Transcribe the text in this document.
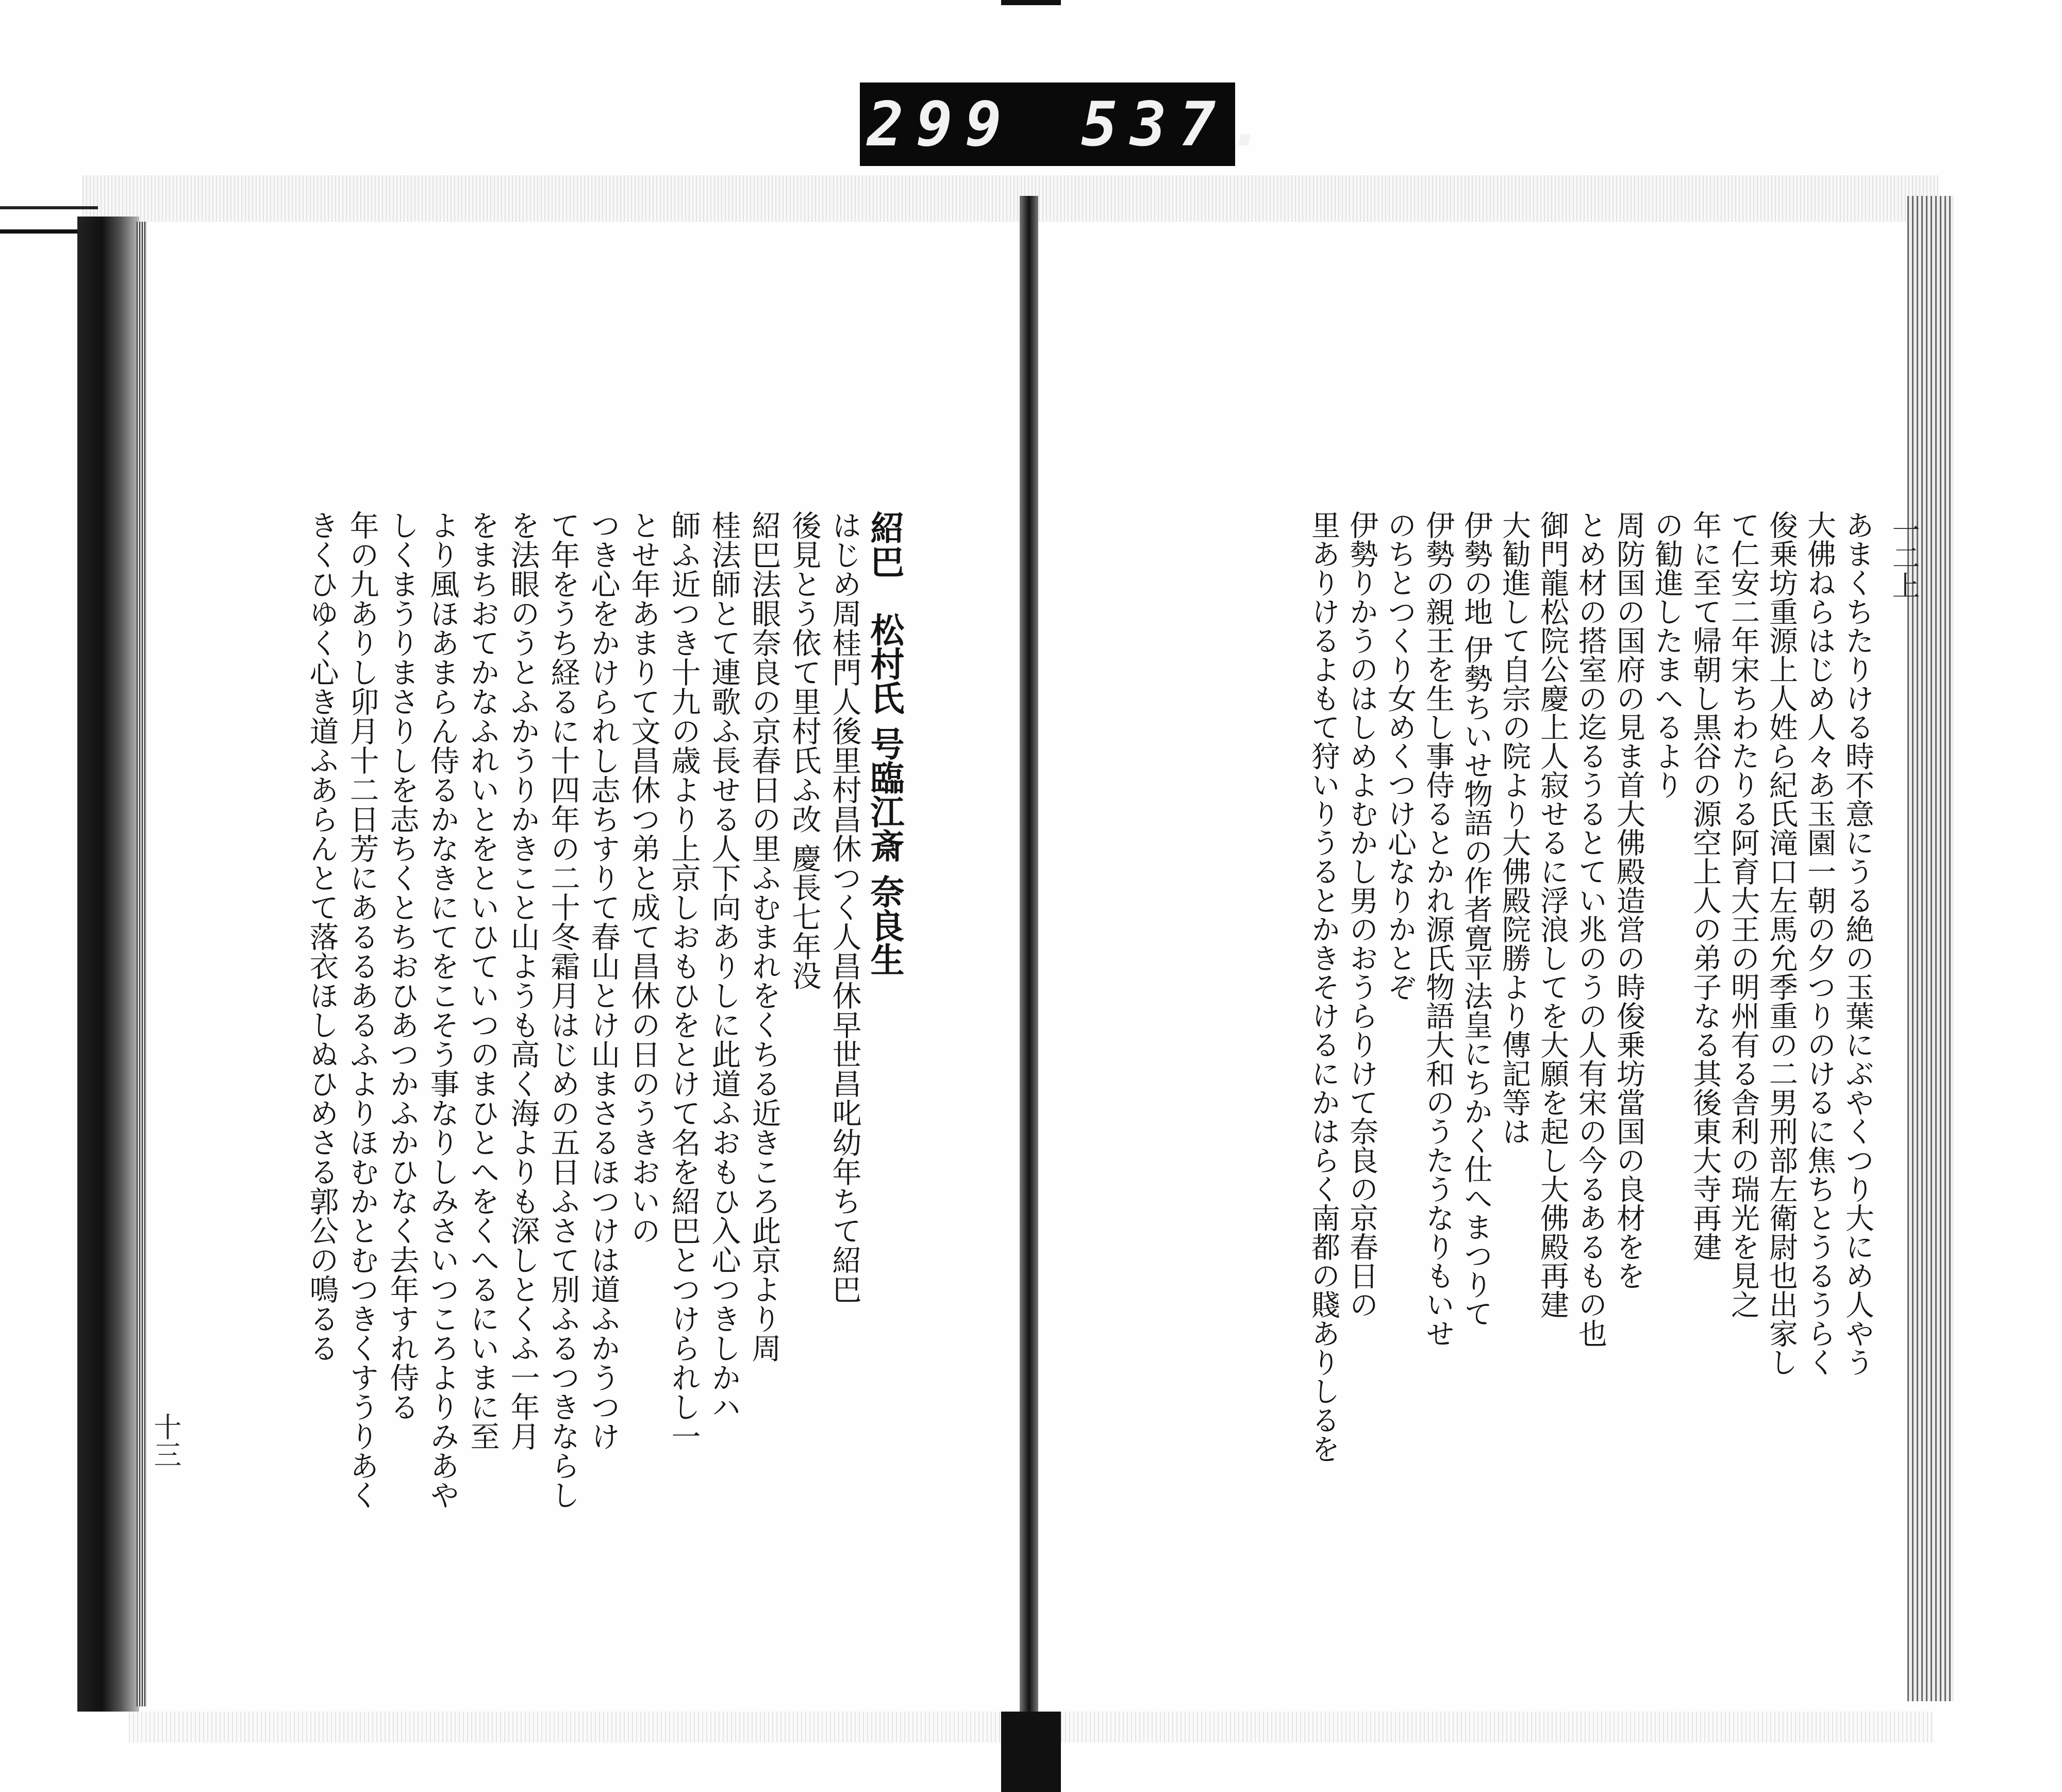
299 537.
あまくちたりける時不意にうる絶の玉葉にぶやくつり大にめ人やう
大佛ねらはじめ人々あ玉園一朝の夕つりのけるに焦ちとうるうらく
俊乗坊重源上人姓ら紀氏滝口左馬允季重の二男刑部左衛尉也出家し
て仁安二年宋ちわたりる阿育大王の明州有る舎利の瑞光を見之
年に至て帰朝し黒谷の源空上人の弟子なる其後東大寺再建
の勧進したまへるより
周防国の国府の見ま首大佛殿造営の時俊乗坊當国の良材をを
とめ材の搭室の迄るうるとてい兆のうの人有宋の今るあるもの也
御門龍松院公慶上人寂せるに浮浪してを大願を起し大佛殿再建
大勧進して自宗の院より大佛殿院勝より傳記等は
伊勢の地 伊勢ちいせ物語の作者寛平法皇にちかく仕へまつりて
伊勢の親王を生し事侍るとかれ源氏物語大和のうたうなりもいせ
のちとつくり女めくつけ心なりかとぞ
伊勢りかうのはしめよむかし男のおうらりけて奈良の京春日の
里ありけるよもて狩いりうるとかきそけるにかはらく南都の賤ありしるを	一二上
紹巴　松村氏 号臨江斎 奈良生
はじめ周桂門人後里村昌休つく人昌休早世昌叱幼年ちて紹巴
後見とう依て里村氏ふ改 慶長七年没
紹巴法眼奈良の京春日の里ふむまれをくちる近きころ此京より周
桂法師とて連歌ふ長せる人下向ありしに此道ふおもひ入心つきしかハ
師ふ近つき十九の歳より上京しおもひをとけて名を紹巴とつけられし一
とせ年あまりて文昌休つ弟と成て昌休の日のうきおいの
つき心をかけられし志ちすりて春山とけ山まさるほつけは道ふかうつけ
て年をうち経るに十四年の二十冬霜月はじめの五日ふさて別ふるつきならし
を法眼のうとふかうりかきこと山ようも高く海よりも深しとくふ一年月
をまちおてかなふれいとをといひていつのまひとへをくへるにいまに至
より風ほあまらん侍るかなきにてをこそう事なりしみさいつころよりみあや
しくまうりまさりしを志ちくとちおひあつかふかひなく去年すれ侍る
年の九ありし卯月十二日芳にあるるあるふよりほむかとむつきくすうりあく
きくひゆく心き道ふあらんとて落衣ほしぬひめさる郭公の鳴るる
十三
